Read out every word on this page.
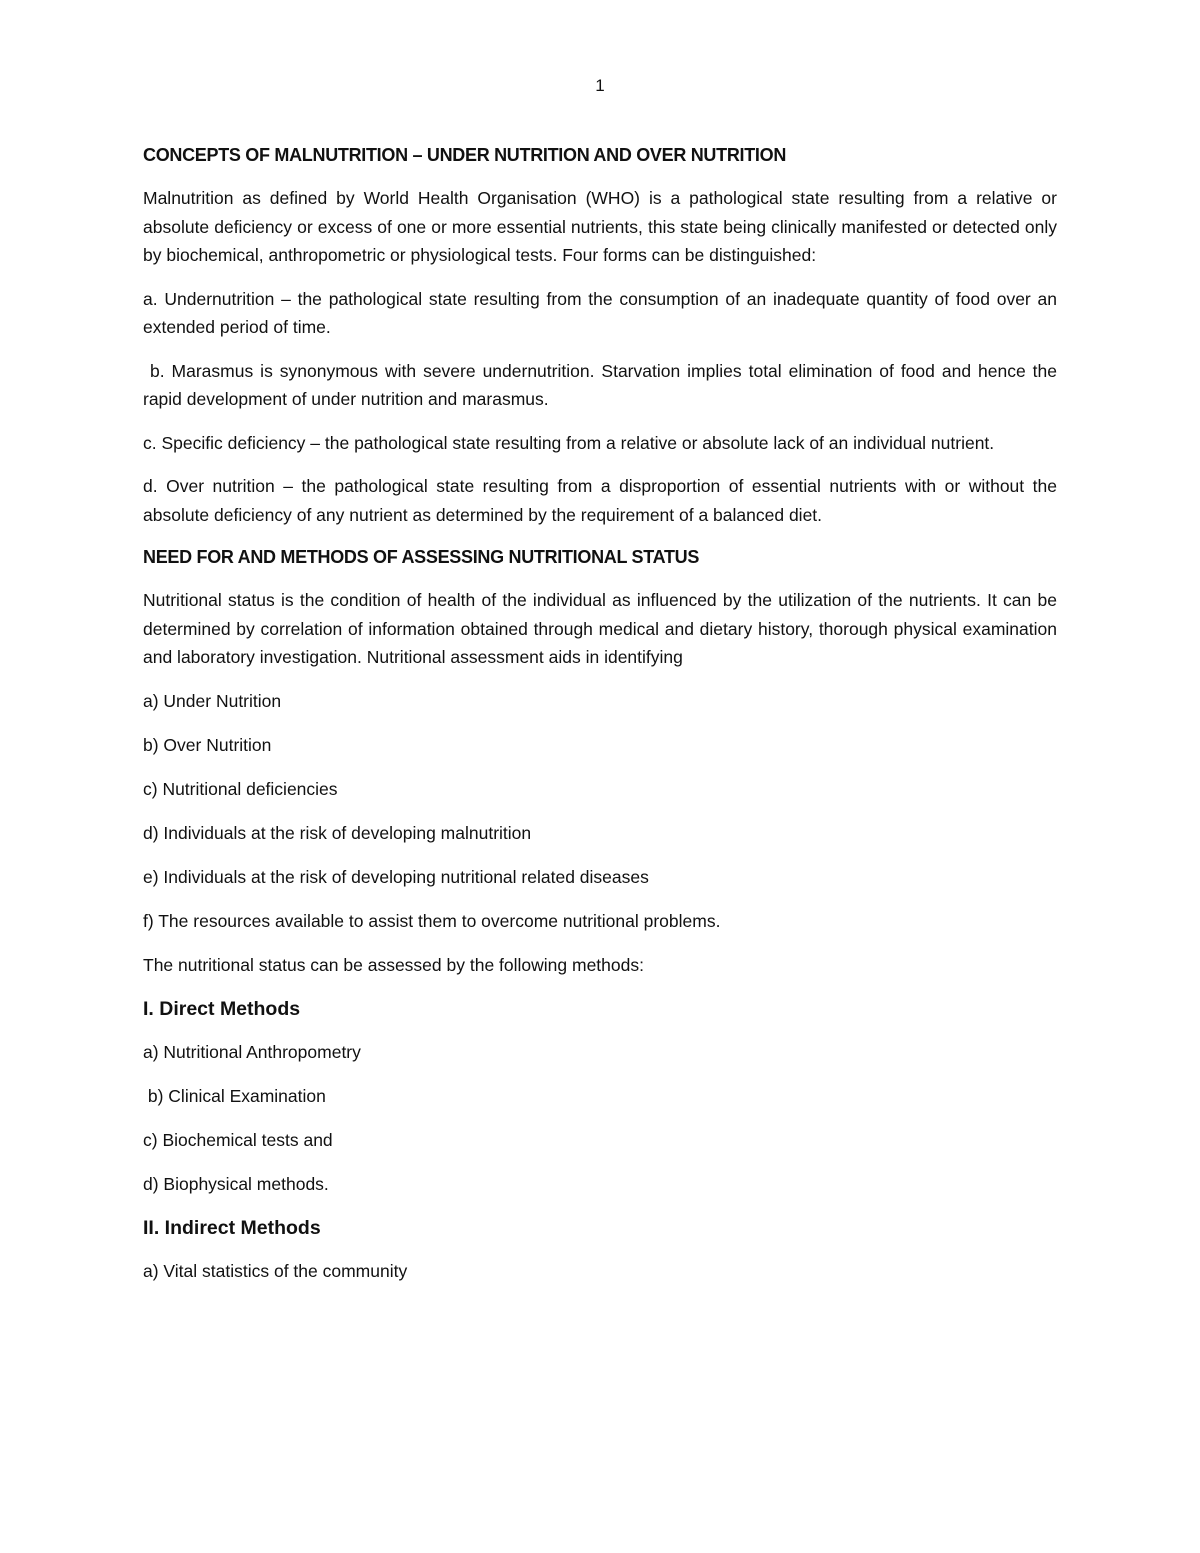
1
CONCEPTS OF MALNUTRITION – UNDER NUTRITION AND OVER NUTRITION

Malnutrition as defined by World Health Organisation (WHO) is a pathological state resulting from a relative or absolute deficiency or excess of one or more essential nutrients, this state being clinically manifested or detected only by biochemical, anthropometric or physiological tests. Four forms can be distinguished:

a. Undernutrition – the pathological state resulting from the consumption of an inadequate quantity of food over an extended period of time.

b. Marasmus is synonymous with severe undernutrition. Starvation implies total elimination of food and hence the rapid development of under nutrition and marasmus.

c. Specific deficiency – the pathological state resulting from a relative or absolute lack of an individual nutrient.

d. Over nutrition – the pathological state resulting from a disproportion of essential nutrients with or without the absolute deficiency of any nutrient as determined by the requirement of a balanced diet.

NEED FOR AND METHODS OF ASSESSING NUTRITIONAL STATUS

Nutritional status is the condition of health of the individual as influenced by the utilization of the nutrients. It can be determined by correlation of information obtained through medical and dietary history, thorough physical examination and laboratory investigation. Nutritional assessment aids in identifying

a) Under Nutrition

b) Over Nutrition

c) Nutritional deficiencies

d) Individuals at the risk of developing malnutrition

e) Individuals at the risk of developing nutritional related diseases

f) The resources available to assist them to overcome nutritional problems.

The nutritional status can be assessed by the following methods:

I. Direct Methods

a) Nutritional Anthropometry

b) Clinical Examination

c) Biochemical tests and

d) Biophysical methods.

II. Indirect Methods

a) Vital statistics of the community
